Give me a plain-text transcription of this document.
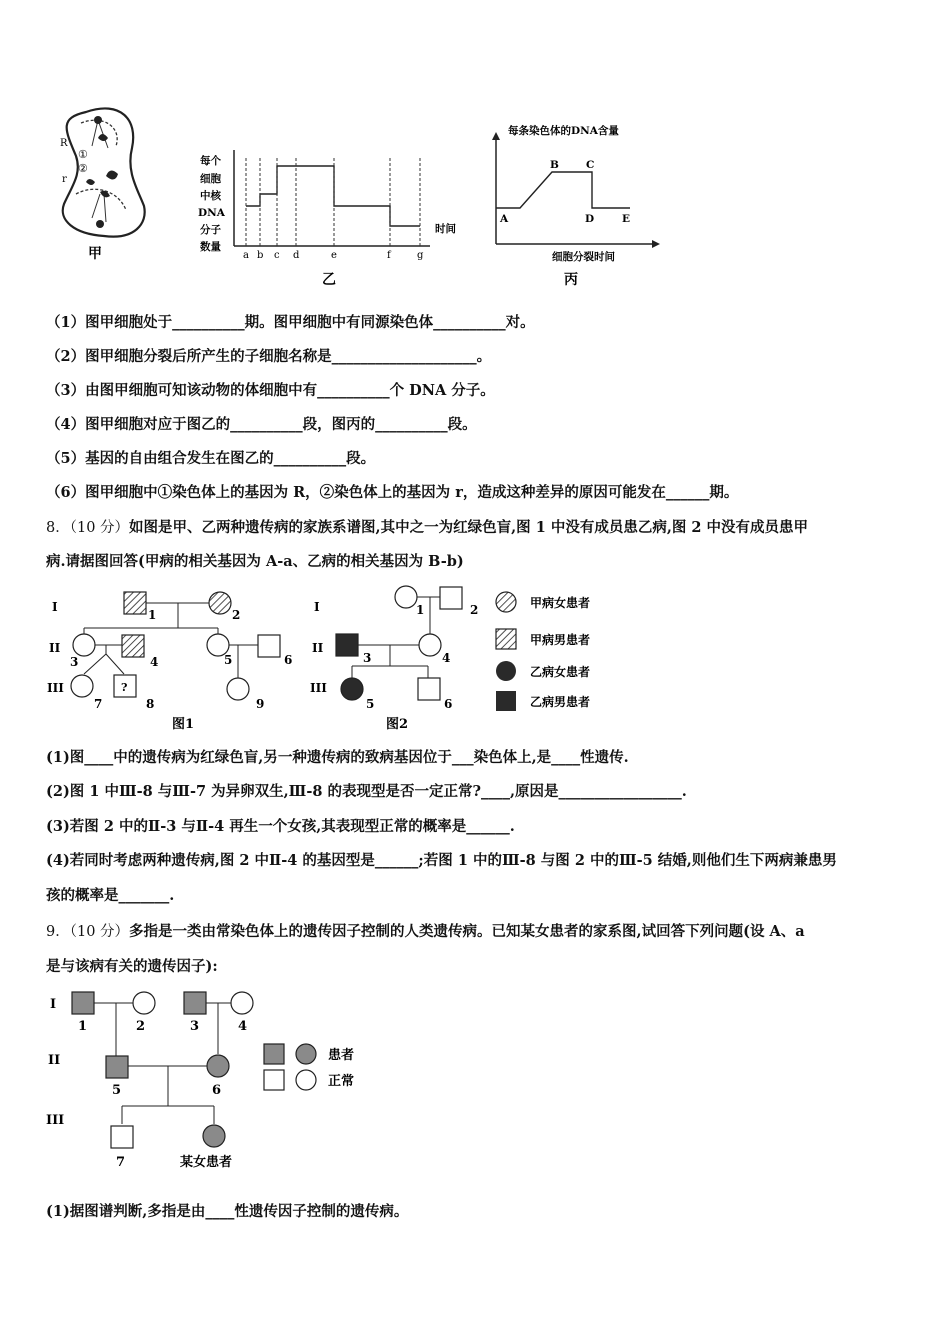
R
r
①
②
甲
每个
细胞
中核
DNA
分子
数量
时间
a b c d	e	f	g
乙
每条染色体的DNA含量
A
B	C
D	E
细胞分裂时间
丙
（1）图甲细胞处于__________期。图甲细胞中有同源染色体__________对。
（2）图甲细胞分裂后所产生的子细胞名称是____________________。
（3）由图甲细胞可知该动物的体细胞中有__________个 DNA 分子。
（4）图甲细胞对应于图乙的__________段，图丙的__________段。
（5）基因的自由组合发生在图乙的__________段。
（6）图甲细胞中①染色体上的基因为 R，②染色体上的基因为 r，造成这种差异的原因可能发在______期。
8．（10 分）如图是甲、乙两种遗传病的家族系谱图,其中之一为红绿色盲,图 1 中没有成员患乙病,图 2 中没有成员患甲
病.请据图回答(甲病的相关基因为 A-a、乙病的相关基因为 B-b)
I
II
III
1	2
3	4	5	6
?
7	8	9
图1
I
II
III
1	2
3	4
5	6
图2
甲病女患者
甲病男患者
乙病女患者
乙病男患者
(1)图____中的遗传病为红绿色盲,另一种遗传病的致病基因位于___染色体上,是____性遗传.
(2)图 1 中Ⅲ-8 与Ⅲ-7 为异卵双生,Ⅲ-8 的表现型是否一定正常?____,原因是_________________.
(3)若图 2 中的Ⅱ-3 与Ⅱ-4 再生一个女孩,其表现型正常的概率是______.
(4)若同时考虑两种遗传病,图 2 中Ⅱ-4 的基因型是______;若图 1 中的Ⅲ-8 与图 2 中的Ⅲ-5 结婚,则他们生下两病兼患男
孩的概率是_______.
9．（10 分）多指是一类由常染色体上的遗传因子控制的人类遗传病。已知某女患者的家系图,试回答下列问题(设 A、a
是与该病有关的遗传因子):
I
II
III
1	2	3	4
5	6
7	某女患者
患者
正常
(1)据图谱判断,多指是由____性遗传因子控制的遗传病。
